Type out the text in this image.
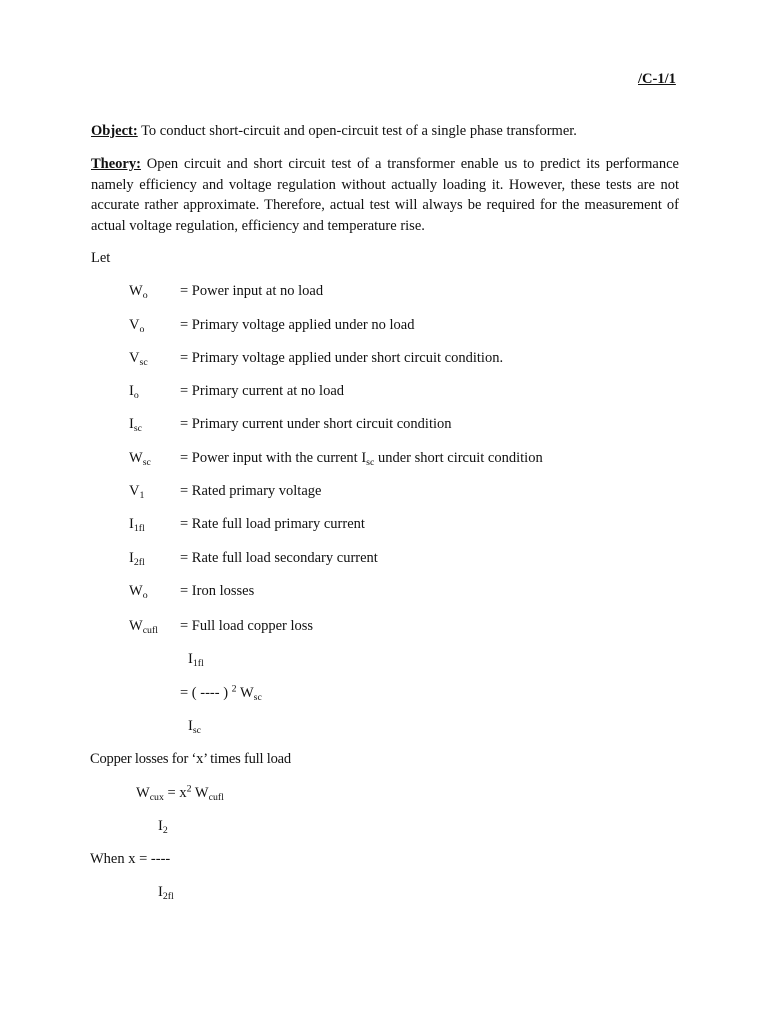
/C-1/1
Object: To conduct short-circuit and open-circuit test of a single phase transformer.
Theory: Open circuit and short circuit test of a transformer enable us to predict its performance namely efficiency and voltage regulation without actually loading it. However, these tests are not accurate rather approximate. Therefore, actual test will always be required for the measurement of actual voltage regulation, efficiency and temperature rise.
Let
$W_o$ = Power input at no load
$V_o$ = Primary voltage applied under no load
$V_{sc}$ = Primary voltage applied under short circuit condition.
$I_o$	= Primary current at no load
$I_{sc}$	= Primary current under short circuit condition
$W_{sc}$ = Power input with the current $I_{sc}$ under short circuit condition
$V_1$ = Rated primary voltage
$I_{1fl}$ = Rate full load primary current
$I_{2fl}$ = Rate full load secondary current
$W_o$ = Iron losses
$W_{cufl}$ = Full load copper loss
$I_{1fl}$
= ( ---- ) $^2$ $W_{sc}$
$I_{sc}$
Copper losses for ‘x’ times full load
$W_{cux} = x^2$ $W_{cufl}$
$I_2$
When x = ----
$I_{2fl}$
